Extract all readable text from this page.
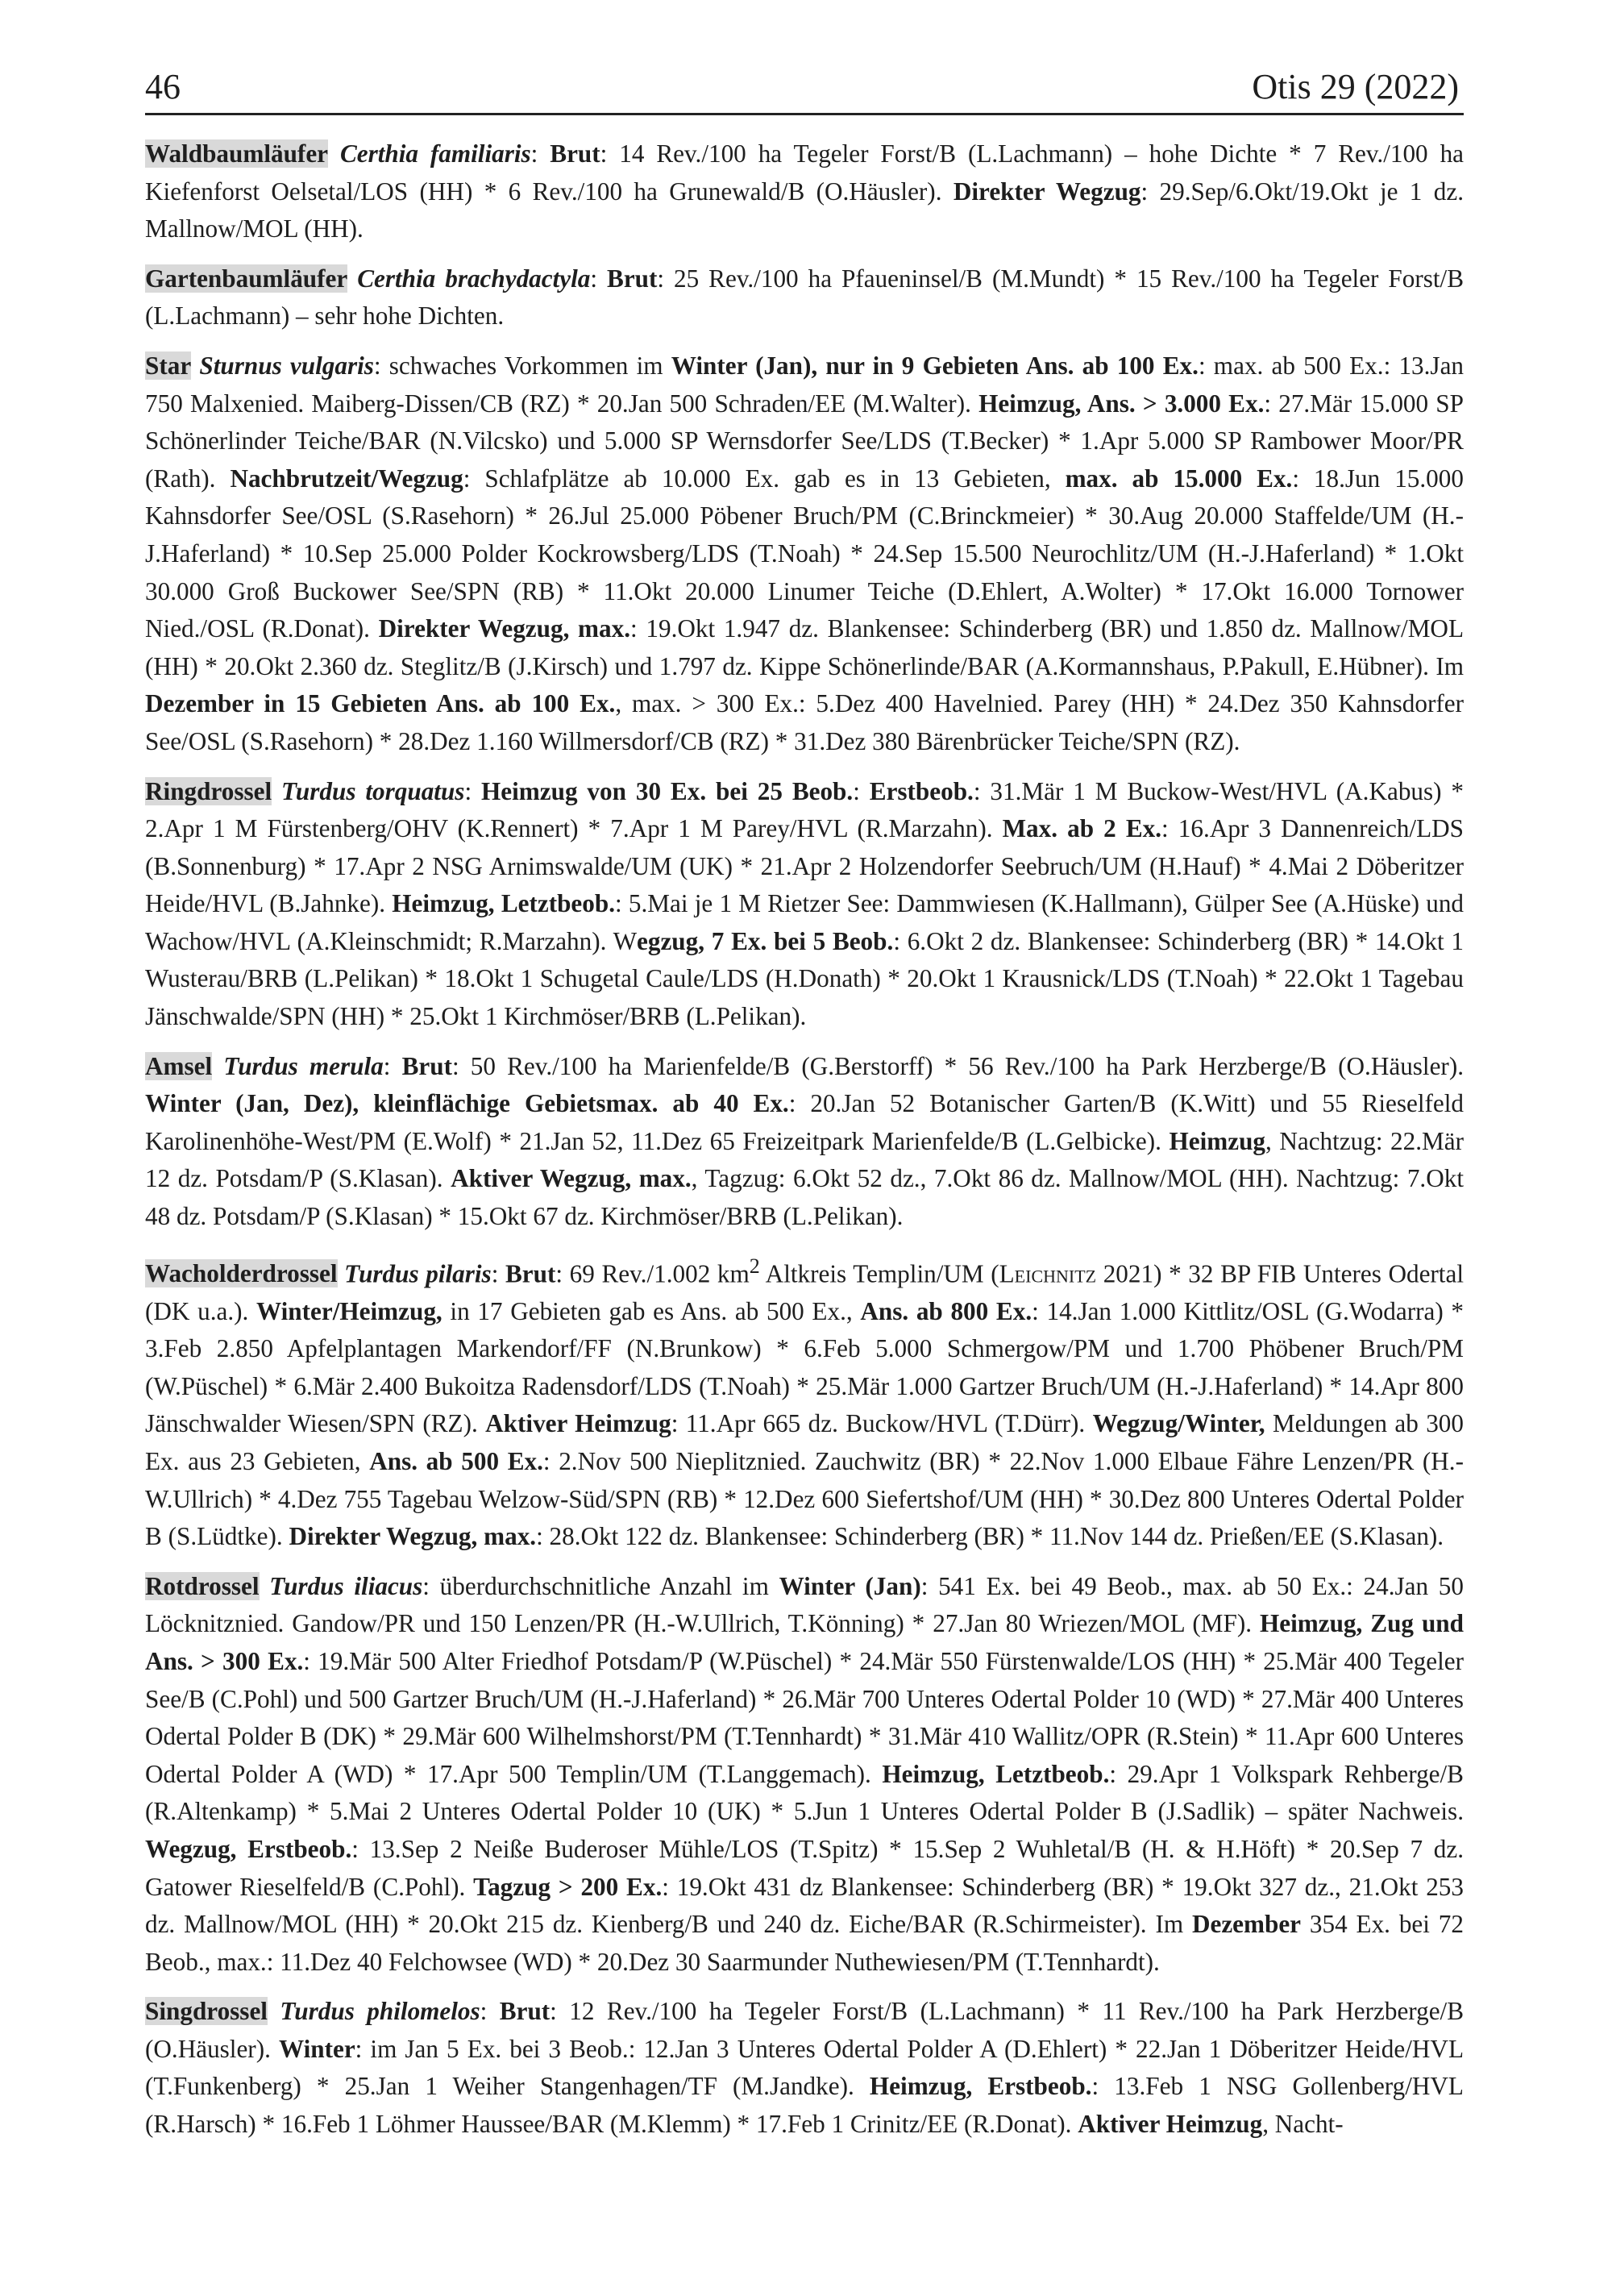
46	Otis 29 (2022)

Waldbaumläufer Certhia familiaris: Brut: 14 Rev./100 ha Tegeler Forst/B (L.Lachmann) – hohe Dichte * 7 Rev./100 ha Kiefenforst Oelsetal/LOS (HH) * 6 Rev./100 ha Grunewald/B (O.Häusler). Direkter Wegzug: 29.Sep/6.Okt/19.Okt je 1 dz. Mallnow/MOL (HH).

Gartenbaumläufer Certhia brachydactyla: Brut: 25 Rev./100 ha Pfaueninsel/B (M.Mundt) * 15 Rev./100 ha Tegeler Forst/B (L.Lachmann) – sehr hohe Dichten.

Star Sturnus vulgaris: schwaches Vorkommen im Winter (Jan), nur in 9 Gebieten Ans. ab 100 Ex.: max. ab 500 Ex.: 13.Jan 750 Malxenied. Maiberg-Dissen/CB (RZ) * 20.Jan 500 Schraden/EE (M.Walter). Heimzug, Ans. > 3.000 Ex.: 27.Mär 15.000 SP Schönerlinder Teiche/BAR (N.Vilcsko) und 5.000 SP Wernsdorfer See/LDS (T.Becker) * 1.Apr 5.000 SP Rambower Moor/PR (Rath). Nachbrutzeit/Wegzug: Schlafplätze ab 10.000 Ex. gab es in 13 Gebieten, max. ab 15.000 Ex.: 18.Jun 15.000 Kahnsdorfer See/OSL (S.Rasehorn) * 26.Jul 25.000 Pöbener Bruch/PM (C.Brinckmeier) * 30.Aug 20.000 Staffelde/UM (H.-J.Haferland) * 10.Sep 25.000 Polder Kockrowsberg/LDS (T.Noah) * 24.Sep 15.500 Neurochlitz/UM (H.-J.Haferland) * 1.Okt 30.000 Groß Buckower See/SPN (RB) * 11.Okt 20.000 Linumer Teiche (D.Ehlert, A.Wolter) * 17.Okt 16.000 Tornower Nied./OSL (R.Donat). Direkter Wegzug, max.: 19.Okt 1.947 dz. Blankensee: Schinderberg (BR) und 1.850 dz. Mallnow/MOL (HH) * 20.Okt 2.360 dz. Steglitz/B (J.Kirsch) und 1.797 dz. Kippe Schönerlinde/BAR (A.Kormannshaus, P.Pakull, E.Hübner). Im Dezember in 15 Gebieten Ans. ab 100 Ex., max. > 300 Ex.: 5.Dez 400 Havelnied. Parey (HH) * 24.Dez 350 Kahnsdorfer See/OSL (S.Rasehorn) * 28.Dez 1.160 Willmersdorf/CB (RZ) * 31.Dez 380 Bärenbrücker Teiche/SPN (RZ).

Ringdrossel Turdus torquatus: Heimzug von 30 Ex. bei 25 Beob.: Erstbeob.: 31.Mär 1 M Buckow-West/HVL (A.Kabus) * 2.Apr 1 M Fürstenberg/OHV (K.Rennert) * 7.Apr 1 M Parey/HVL (R.Marzahn). Max. ab 2 Ex.: 16.Apr 3 Dannenreich/LDS (B.Sonnenburg) * 17.Apr 2 NSG Arnimswalde/UM (UK) * 21.Apr 2 Holzendorfer Seebruch/UM (H.Hauf) * 4.Mai 2 Döberitzer Heide/HVL (B.Jahnke). Heimzug, Letztbeob.: 5.Mai je 1 M Rietzer See: Dammwiesen (K.Hallmann), Gülper See (A.Hüske) und Wachow/HVL (A.Kleinschmidt; R.Marzahn). Wegzug, 7 Ex. bei 5 Beob.: 6.Okt 2 dz. Blankensee: Schinderberg (BR) * 14.Okt 1 Wusterau/BRB (L.Pelikan) * 18.Okt 1 Schugetal Caule/LDS (H.Donath) * 20.Okt 1 Krausnick/LDS (T.Noah) * 22.Okt 1 Tagebau Jänschwalde/SPN (HH) * 25.Okt 1 Kirchmöser/BRB (L.Pelikan).

Amsel Turdus merula: Brut: 50 Rev./100 ha Marienfelde/B (G.Berstorff) * 56 Rev./100 ha Park Herzberge/B (O.Häusler). Winter (Jan, Dez), kleinflächige Gebietsmax. ab 40 Ex.: 20.Jan 52 Botanischer Garten/B (K.Witt) und 55 Rieselfeld Karolinenhöhe-West/PM (E.Wolf) * 21.Jan 52, 11.Dez 65 Freizeitpark Marienfelde/B (L.Gelbicke). Heimzug, Nachtzug: 22.Mär 12 dz. Potsdam/P (S.Klasan). Aktiver Wegzug, max., Tagzug: 6.Okt 52 dz., 7.Okt 86 dz. Mallnow/MOL (HH). Nachtzug: 7.Okt 48 dz. Potsdam/P (S.Klasan) * 15.Okt 67 dz. Kirchmöser/BRB (L.Pelikan).

Wacholderdrossel Turdus pilaris: Brut: 69 Rev./1.002 $km^2$ Altkreis Templin/UM (Leichnitz 2021) * 32 BP FIB Unteres Odertal (DK u.a.). Winter/Heimzug, in 17 Gebieten gab es Ans. ab 500 Ex., Ans. ab 800 Ex.: 14.Jan 1.000 Kittlitz/OSL (G.Wodarra) * 3.Feb 2.850 Apfelplantagen Markendorf/FF (N.Brunkow) * 6.Feb 5.000 Schmergow/PM und 1.700 Phöbener Bruch/PM (W.Püschel) * 6.Mär 2.400 Bukoitza Radensdorf/LDS (T.Noah) * 25.Mär 1.000 Gartzer Bruch/UM (H.-J.Haferland) * 14.Apr 800 Jänschwalder Wiesen/SPN (RZ). Aktiver Heimzug: 11.Apr 665 dz. Buckow/HVL (T.Dürr). Wegzug/Winter, Meldungen ab 300 Ex. aus 23 Gebieten, Ans. ab 500 Ex.: 2.Nov 500 Nieplitznied. Zauchwitz (BR) * 22.Nov 1.000 Elbaue Fähre Lenzen/PR (H.-W.Ullrich) * 4.Dez 755 Tagebau Welzow-Süd/SPN (RB) * 12.Dez 600 Siefertshof/UM (HH) * 30.Dez 800 Unteres Odertal Polder B (S.Lüdtke). Direkter Wegzug, max.: 28.Okt 122 dz. Blankensee: Schinderberg (BR) * 11.Nov 144 dz. Prießen/EE (S.Klasan).

Rotdrossel Turdus iliacus: überdurchschnitliche Anzahl im Winter (Jan): 541 Ex. bei 49 Beob., max. ab 50 Ex.: 24.Jan 50 Löcknitznied. Gandow/PR und 150 Lenzen/PR (H.-W.Ullrich, T.Könning) * 27.Jan 80 Wriezen/MOL (MF). Heimzug, Zug und Ans. > 300 Ex.: 19.Mär 500 Alter Friedhof Potsdam/P (W.Püschel) * 24.Mär 550 Fürstenwalde/LOS (HH) * 25.Mär 400 Tegeler See/B (C.Pohl) und 500 Gartzer Bruch/UM (H.-J.Haferland) * 26.Mär 700 Unteres Odertal Polder 10 (WD) * 27.Mär 400 Unteres Odertal Polder B (DK) * 29.Mär 600 Wilhelmshorst/PM (T.Tennhardt) * 31.Mär 410 Wallitz/OPR (R.Stein) * 11.Apr 600 Unteres Odertal Polder A (WD) * 17.Apr 500 Templin/UM (T.Langgemach). Heimzug, Letztbeob.: 29.Apr 1 Volkspark Rehberge/B (R.Altenkamp) * 5.Mai 2 Unteres Odertal Polder 10 (UK) * 5.Jun 1 Unteres Odertal Polder B (J.Sadlik) – später Nachweis. Wegzug, Erstbeob.: 13.Sep 2 Neiße Buderoser Mühle/LOS (T.Spitz) * 15.Sep 2 Wuhletal/B (H. & H.Höft) * 20.Sep 7 dz. Gatower Rieselfeld/B (C.Pohl). Tagzug > 200 Ex.: 19.Okt 431 dz Blankensee: Schinderberg (BR) * 19.Okt 327 dz., 21.Okt 253 dz. Mallnow/MOL (HH) * 20.Okt 215 dz. Kienberg/B und 240 dz. Eiche/BAR (R.Schirmeister). Im Dezember 354 Ex. bei 72 Beob., max.: 11.Dez 40 Felchowsee (WD) * 20.Dez 30 Saarmunder Nuthewiesen/PM (T.Tennhardt).

Singdrossel Turdus philomelos: Brut: 12 Rev./100 ha Tegeler Forst/B (L.Lachmann) * 11 Rev./100 ha Park Herzberge/B (O.Häusler). Winter: im Jan 5 Ex. bei 3 Beob.: 12.Jan 3 Unteres Odertal Polder A (D.Ehlert) * 22.Jan 1 Döberitzer Heide/HVL (T.Funkenberg) * 25.Jan 1 Weiher Stangenhagen/TF (M.Jandke). Heimzug, Erstbeob.: 13.Feb 1 NSG Gollenberg/HVL (R.Harsch) * 16.Feb 1 Löhmer Haussee/BAR (M.Klemm) * 17.Feb 1 Crinitz/EE (R.Donat). Aktiver Heimzug, Nacht-
